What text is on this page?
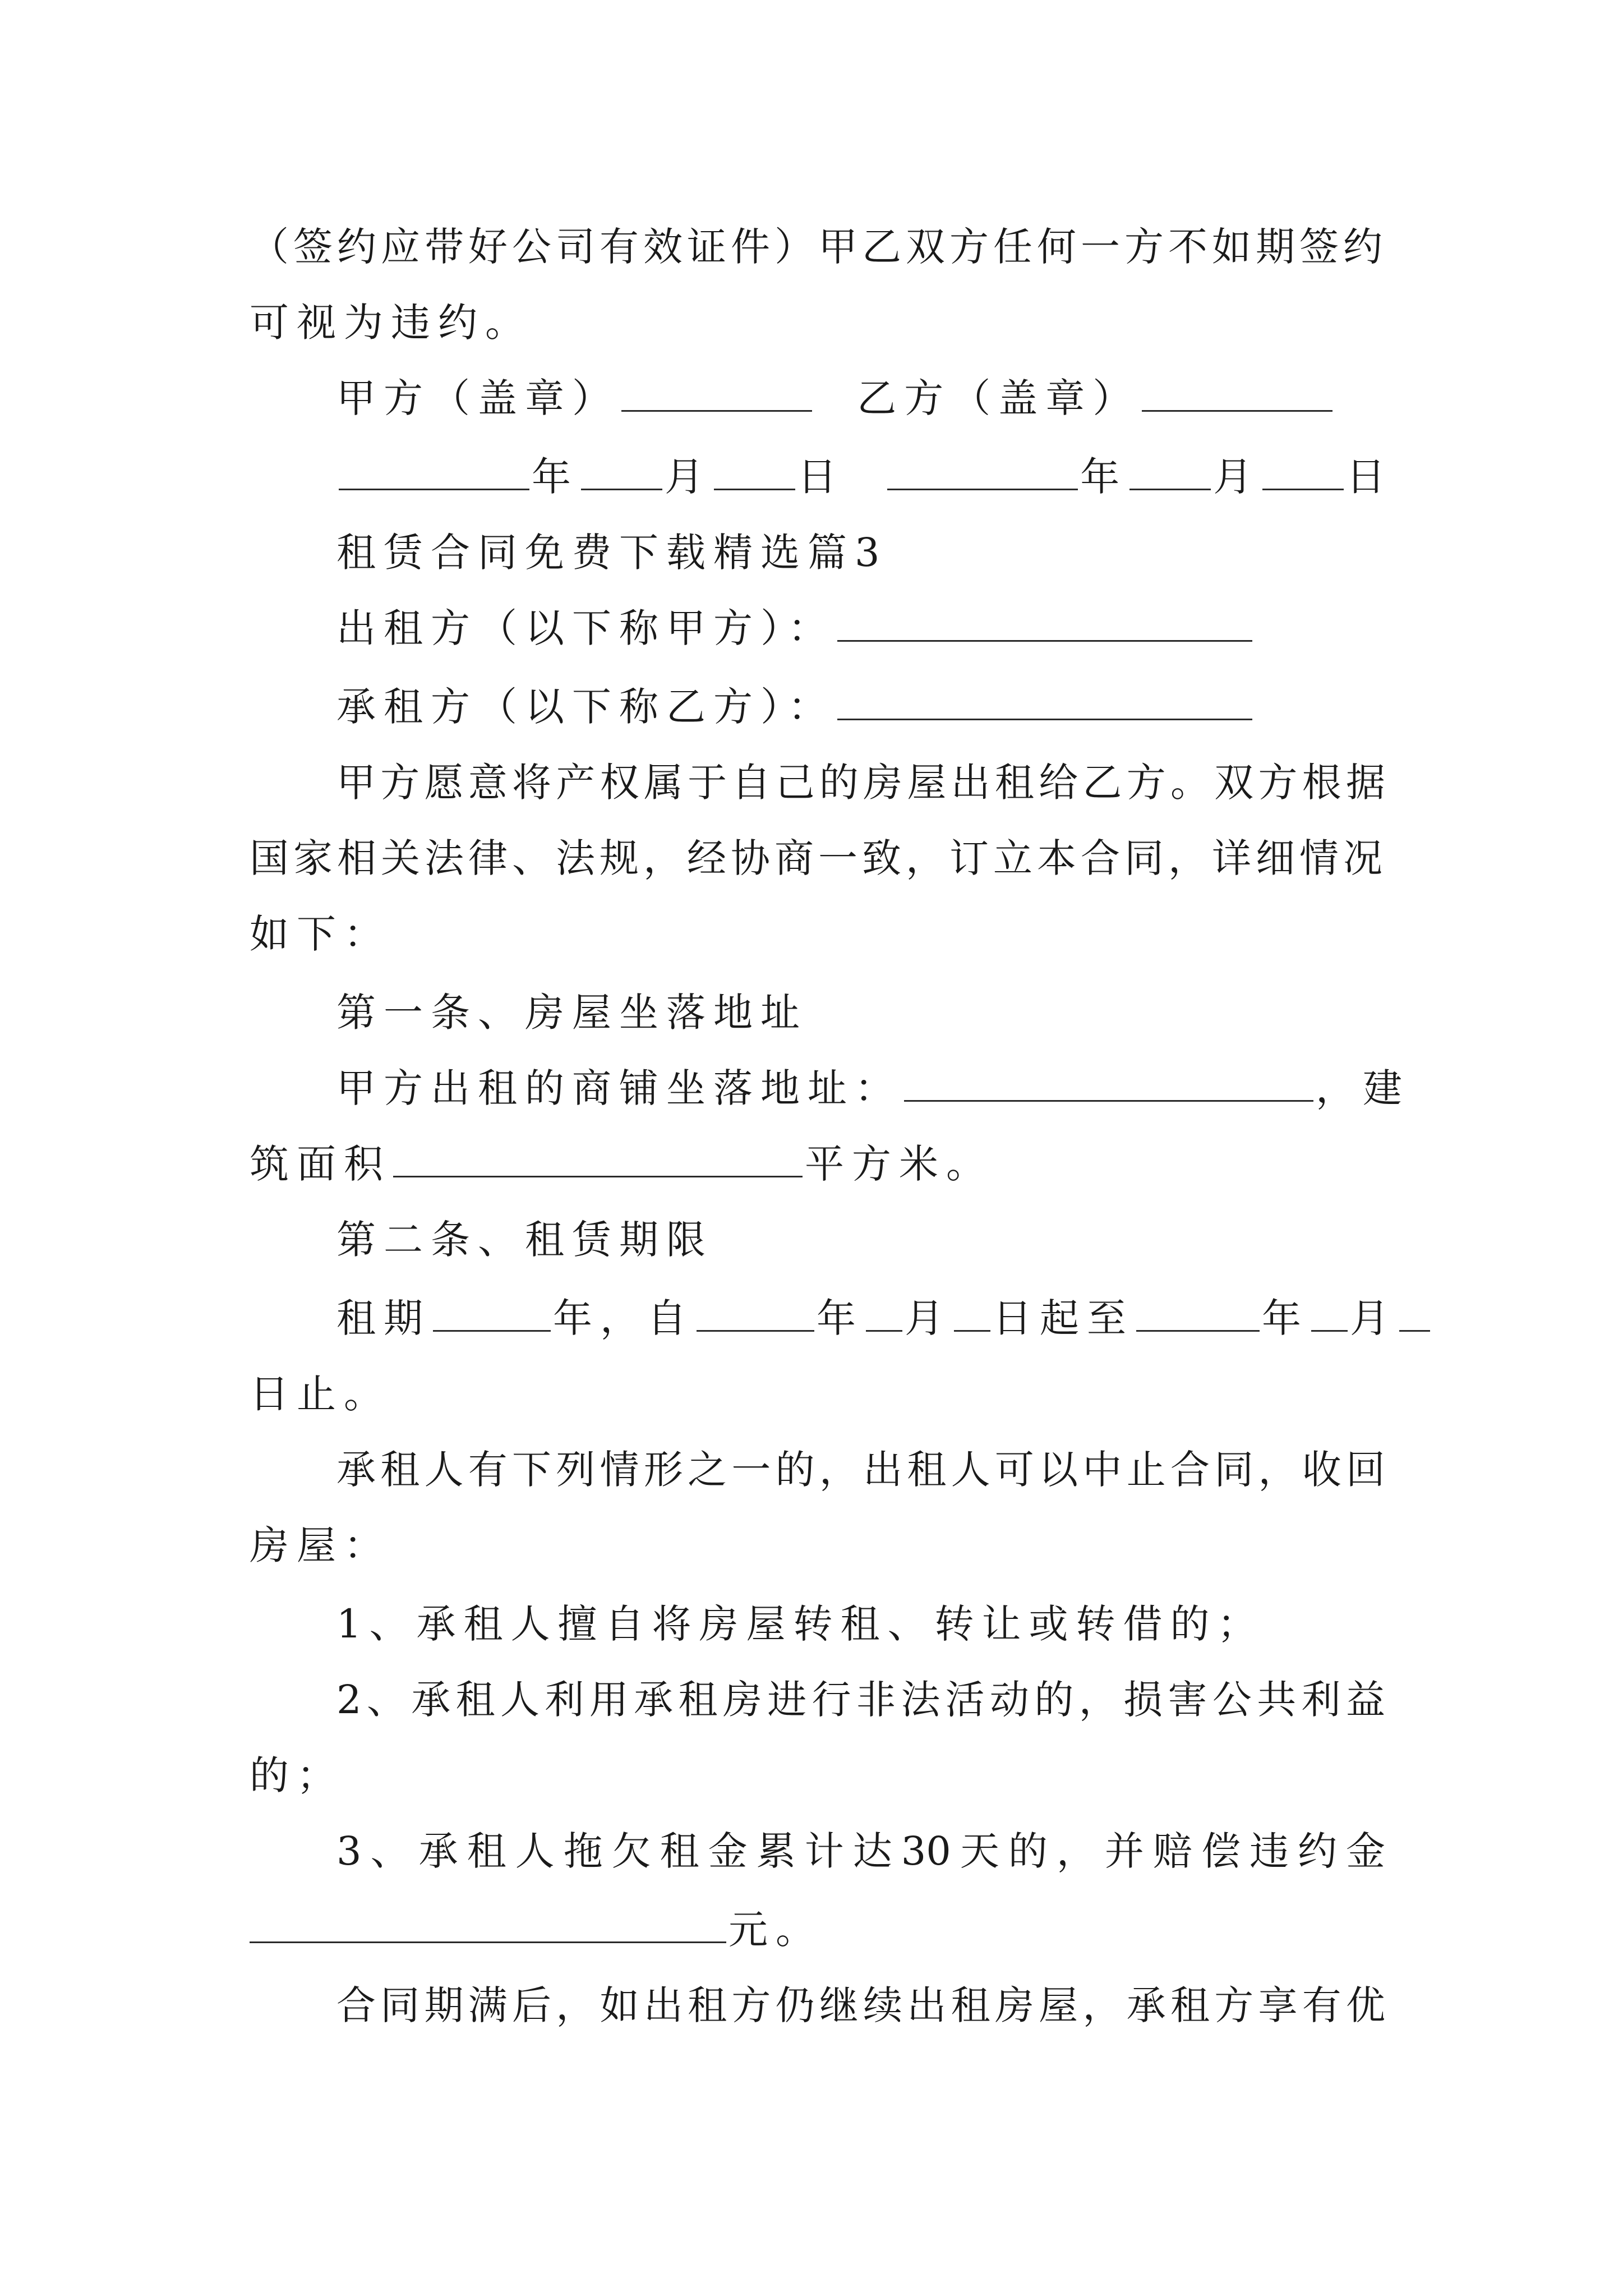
（签约应带好公司有效证件）甲乙双方任何一方不如期签约
可视为违约。
甲方（盖章）	乙方（盖章）
年 月 日	年 月 日
租赁合同免费下载精选篇3
出租方（以下称甲方）：
承租方（以下称乙方）：
甲方愿意将产权属于自己的房屋出租给乙方。双方根据
国家相关法律、法规，经协商一致，订立本合同，详细情况
如下：
第一条、房屋坐落地址
甲方出租的商铺坐落地址：	，建
筑面积	平方米。
第二条、租赁期限
租期	年，自	年 月 日起至	年 月
日止。
承租人有下列情形之一的，出租人可以中止合同，收回
房屋：
1、承租人擅自将房屋转租、转让或转借的；
2、承租人利用承租房进行非法活动的，损害公共利益
的；
3、承租人拖欠租金累计达30天的，并赔偿违约金
元。
合同期满后，如出租方仍继续出租房屋，承租方享有优
